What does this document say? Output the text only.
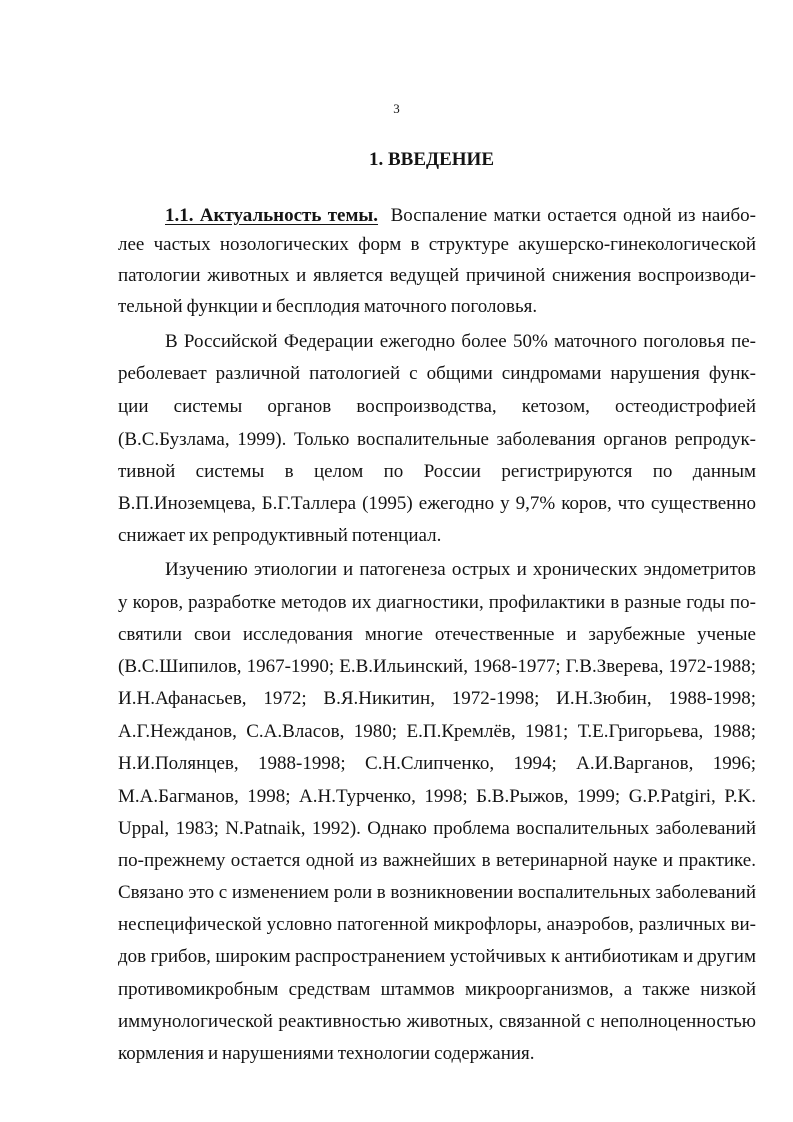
3
1. ВВЕДЕНИЕ
1.1. Актуальность темы. Воспаление матки остается одной из наибо-
лее частых нозологических форм в структуре акушерско-гинекологической
патологии животных и является ведущей причиной снижения воспроизводи-
тельной функции и бесплодия маточного поголовья.
В Российской Федерации ежегодно более 50% маточного поголовья пе-
реболевает различной патологией с общими синдромами нарушения функ-
ции системы органов воспроизводства, кетозом, остеодистрофией
(В.С.Бузлама, 1999). Только воспалительные заболевания органов репродук-
тивной системы в целом по России регистрируются по данным
В.П.Иноземцева, Б.Г.Таллера (1995) ежегодно у 9,7% коров, что существенно
снижает их репродуктивный потенциал.
Изучению этиологии и патогенеза острых и хронических эндометритов
у коров, разработке методов их диагностики, профилактики в разные годы по-
святили свои исследования многие отечественные и зарубежные ученые
(В.С.Шипилов, 1967-1990; Е.В.Ильинский, 1968-1977; Г.В.Зверева, 1972-1988;
И.Н.Афанасьев, 1972; В.Я.Никитин, 1972-1998; И.Н.Зюбин, 1988-1998;
А.Г.Нежданов, С.А.Власов, 1980; Е.П.Кремлёв, 1981; Т.Е.Григорьева, 1988;
Н.И.Полянцев, 1988-1998; С.Н.Слипченко, 1994; А.И.Варганов, 1996;
М.А.Багманов, 1998; А.Н.Турченко, 1998; Б.В.Рыжов, 1999; G.P.Patgiri, P.K.
Uppal, 1983; N.Patnaik, 1992). Однако проблема воспалительных заболеваний
по-прежнему остается одной из важнейших в ветеринарной науке и практике.
Связано это с изменением роли в возникновении воспалительных заболеваний
неспецифической условно патогенной микрофлоры, анаэробов, различных ви-
дов грибов, широким распространением устойчивых к антибиотикам и другим
противомикробным средствам штаммов микроорганизмов, а также низкой
иммунологической реактивностью животных, связанной с неполноценностью
кормления и нарушениями технологии содержания.
